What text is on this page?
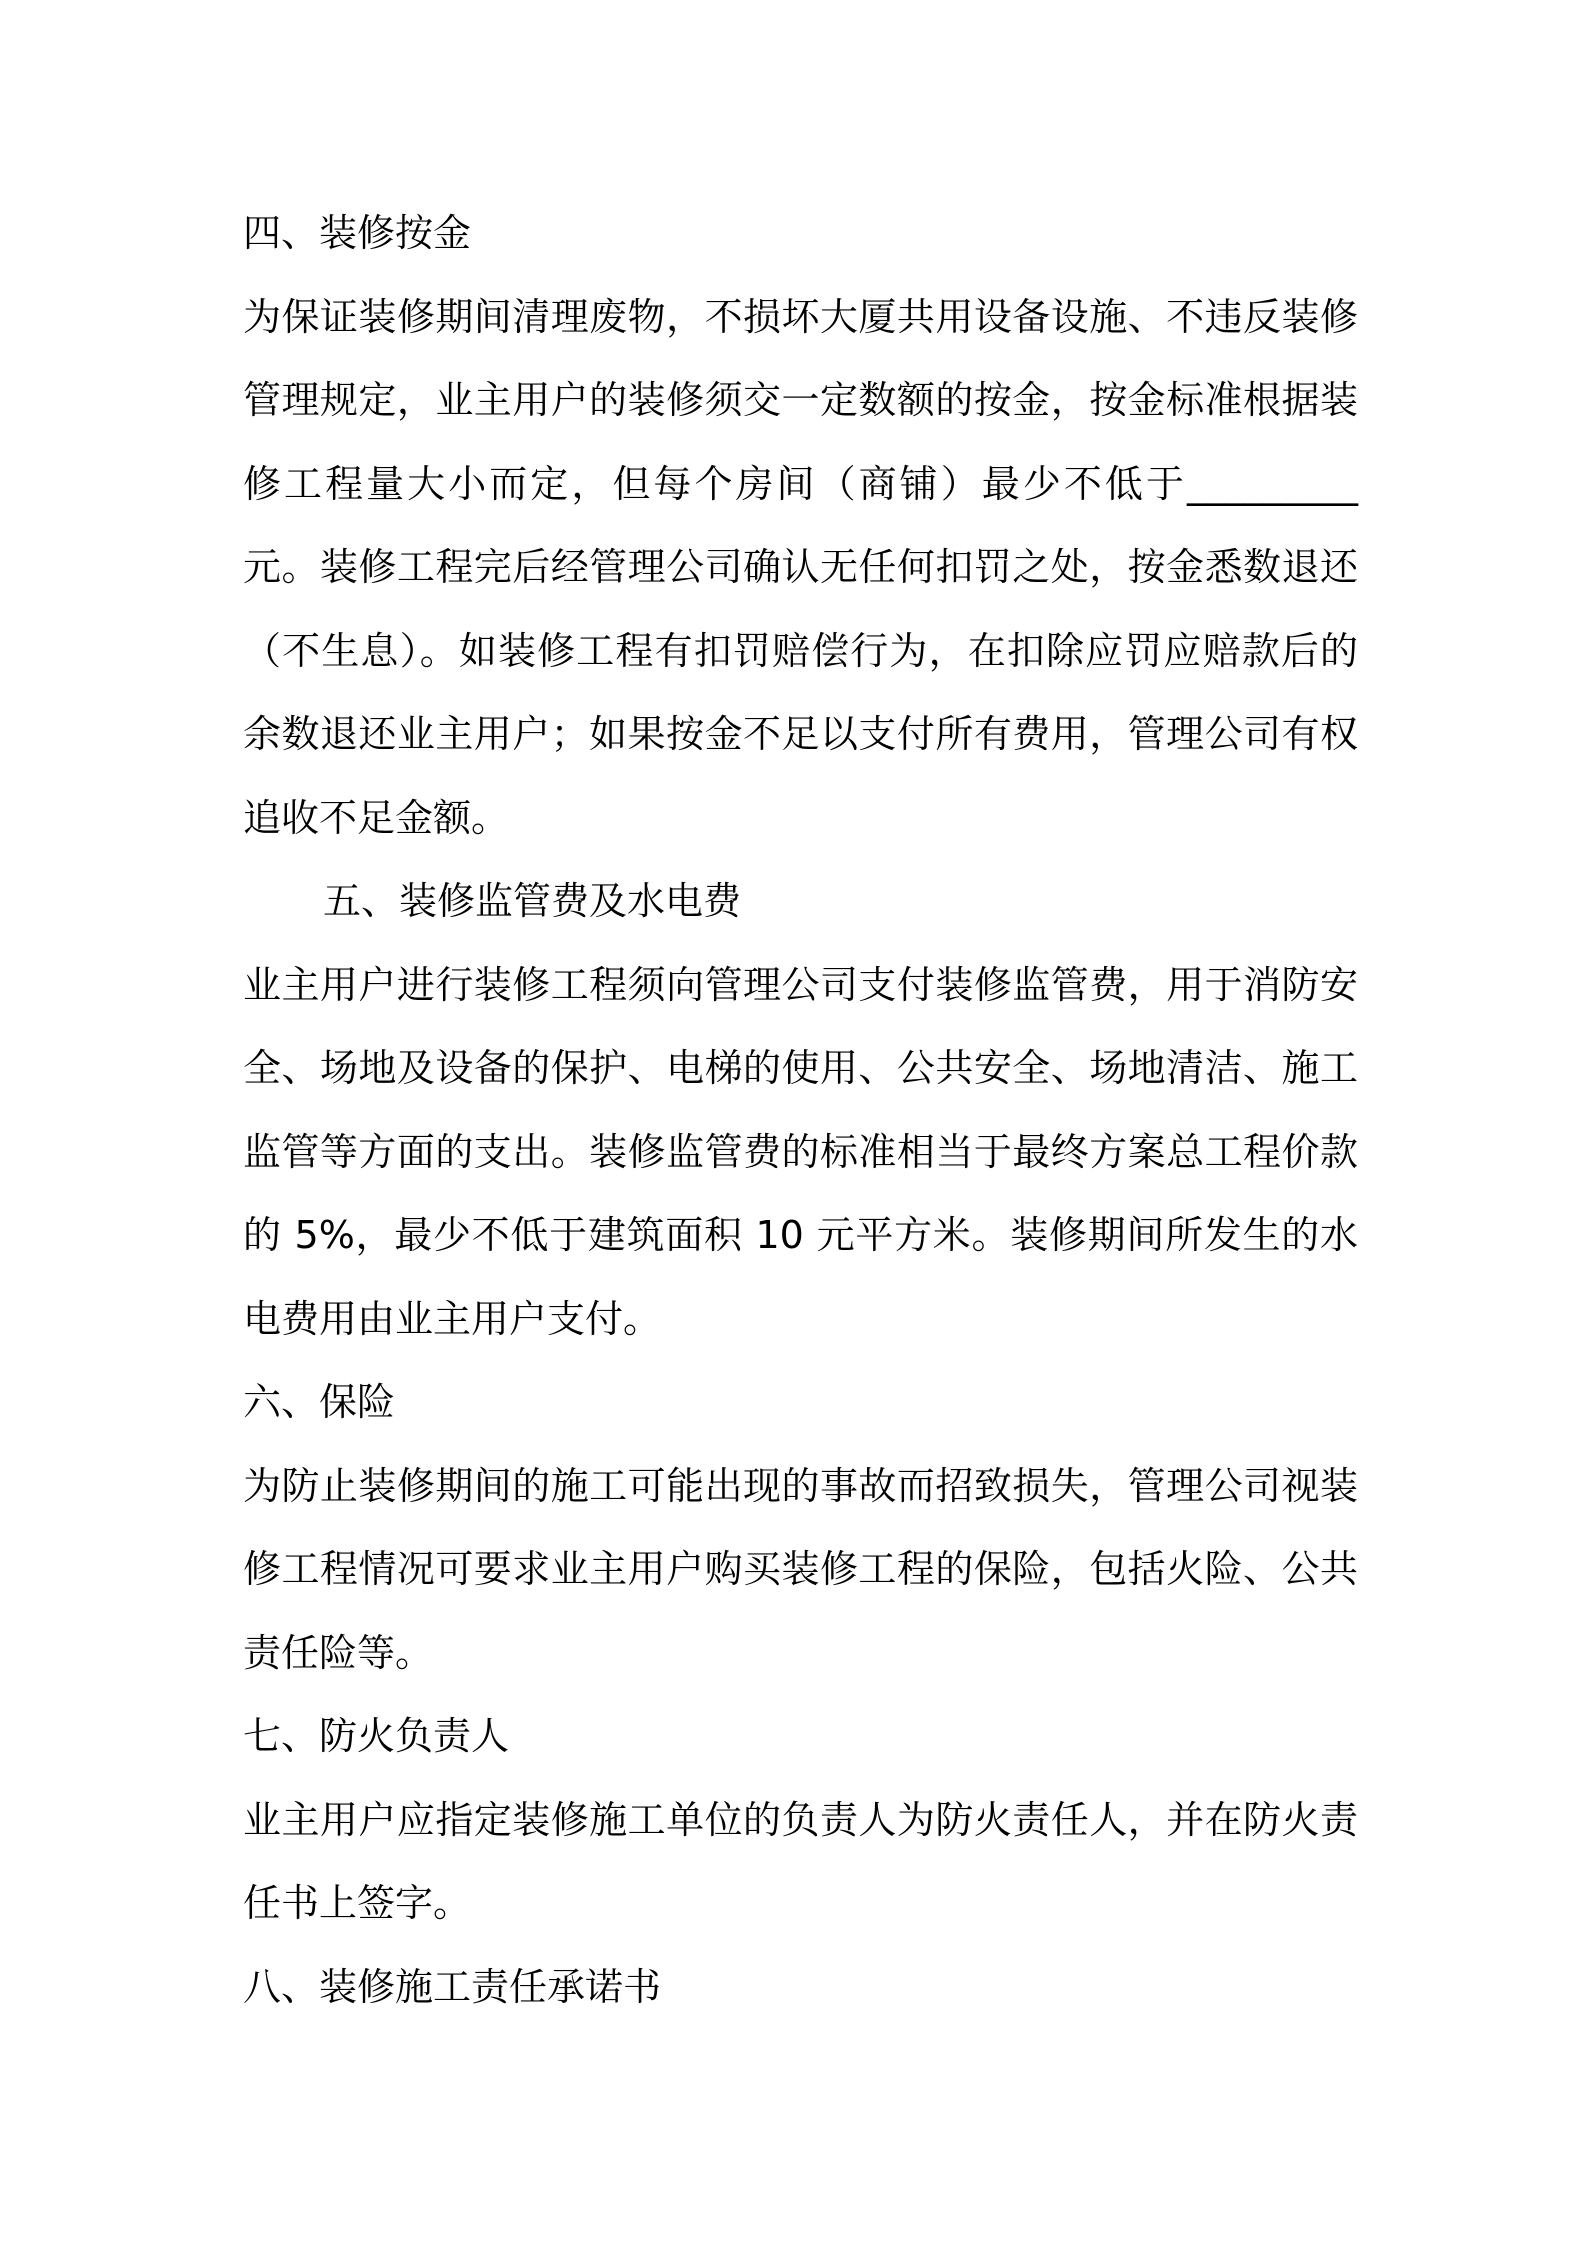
四、装修按金
为保证装修期间清理废物，不损坏大厦共用设备设施、不违反装修管理规定，业主用户的装修须交一定数额的按金，按金标准根据装修工程量大小而定，但每个房间（商铺）最少不低于_________元。装修工程完后经管理公司确认无任何扣罚之处，按金悉数退还（不生息）。如装修工程有扣罚赔偿行为，在扣除应罚应赔款后的余数退还业主用户；如果按金不足以支付所有费用，管理公司有权追收不足金额。
五、装修监管费及水电费
业主用户进行装修工程须向管理公司支付装修监管费，用于消防安全、场地及设备的保护、电梯的使用、公共安全、场地清洁、施工监管等方面的支出。装修监管费的标准相当于最终方案总工程价款的 5%，最少不低于建筑面积 10 元平方米。装修期间所发生的水电费用由业主用户支付。
六、保险
为防止装修期间的施工可能出现的事故而招致损失，管理公司视装修工程情况可要求业主用户购买装修工程的保险，包括火险、公共责任险等。
七、防火负责人
业主用户应指定装修施工单位的负责人为防火责任人，并在防火责任书上签字。
八、装修施工责任承诺书
